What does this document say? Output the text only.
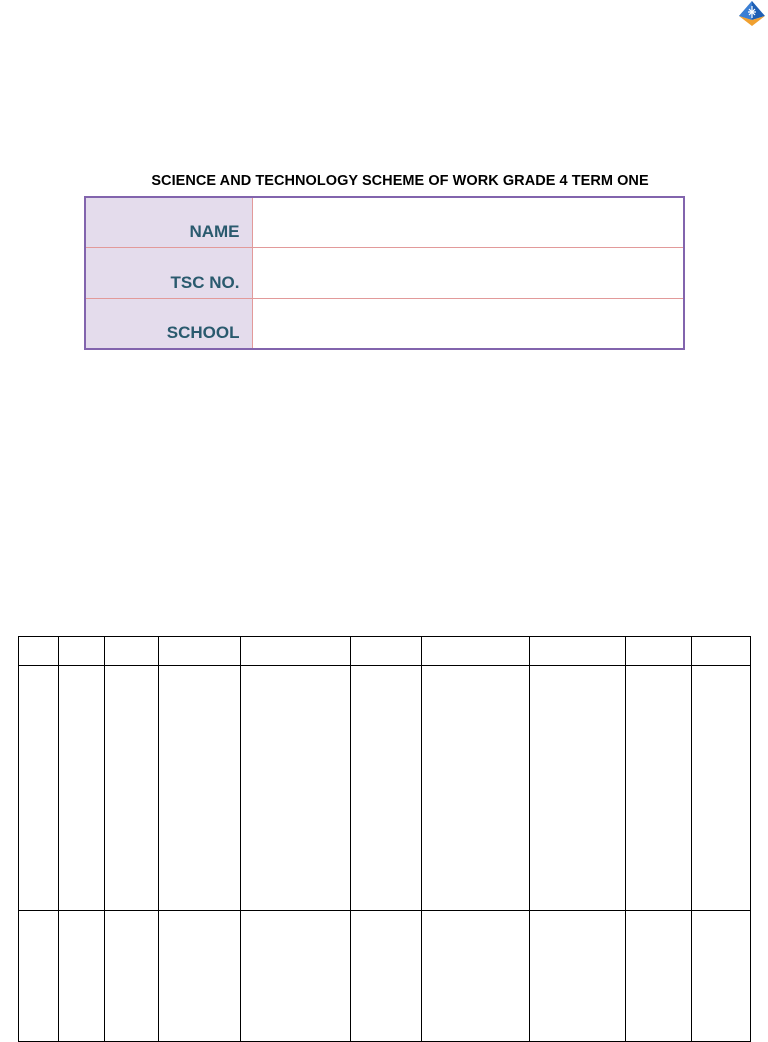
SCIENCE AND TECHNOLOGY SCHEME OF WORK GRADE 4 TERM ONE
NAME	
TSC NO.	
SCHOOL	
